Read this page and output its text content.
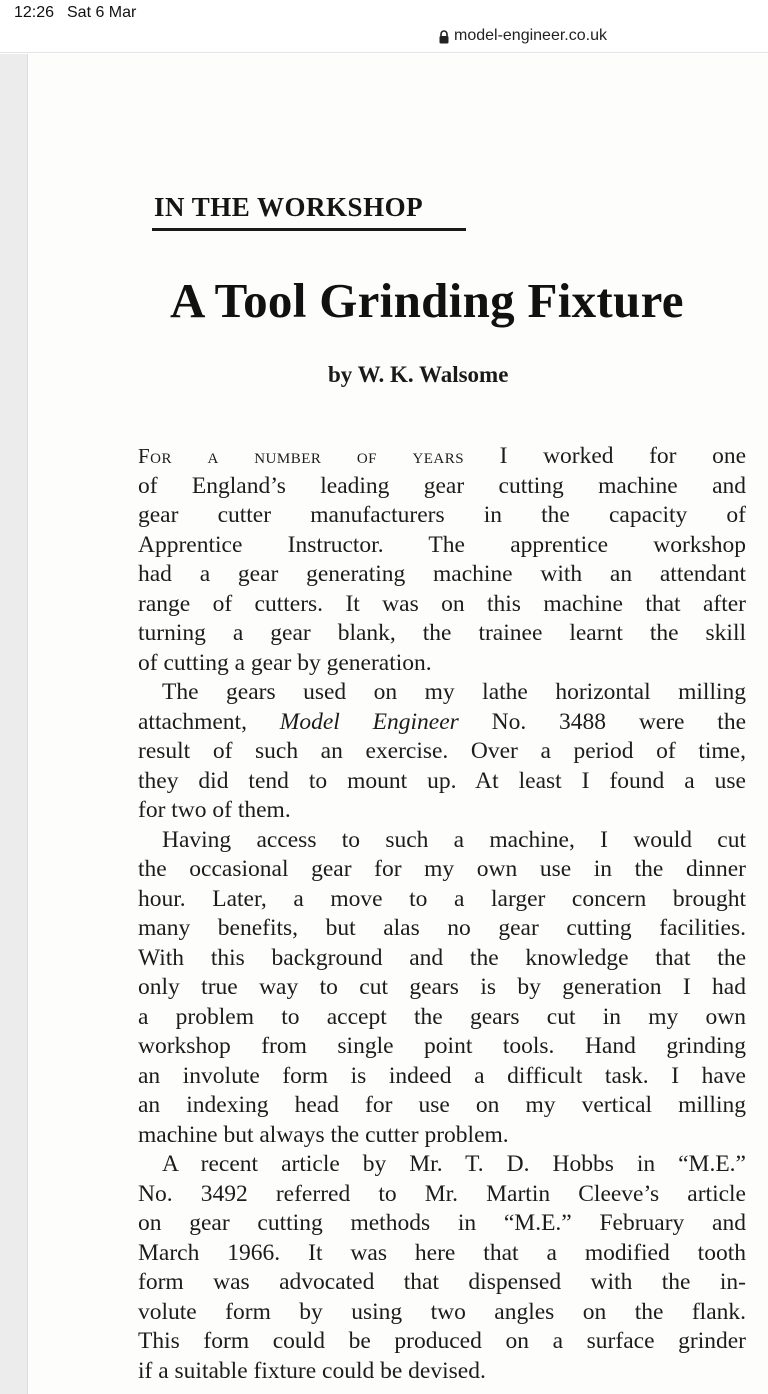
12:26 Sat 6 Mar
model-engineer.co.uk
IN THE WORKSHOP
A Tool Grinding Fixture
by W. K. Walsome
For a number of years I worked for one
of England’s leading gear cutting machine and
gear cutter manufacturers in the capacity of
Apprentice Instructor. The apprentice workshop
had a gear generating machine with an attendant
range of cutters. It was on this machine that after
turning a gear blank, the trainee learnt the skill
of cutting a gear by generation.
The gears used on my lathe horizontal milling
attachment, Model Engineer No. 3488 were the
result of such an exercise. Over a period of time,
they did tend to mount up. At least I found a use
for two of them.
Having access to such a machine, I would cut
the occasional gear for my own use in the dinner
hour. Later, a move to a larger concern brought
many benefits, but alas no gear cutting facilities.
With this background and the knowledge that the
only true way to cut gears is by generation I had
a problem to accept the gears cut in my own
workshop from single point tools. Hand grinding
an involute form is indeed a difficult task. I have
an indexing head for use on my vertical milling
machine but always the cutter problem.
A recent article by Mr. T. D. Hobbs in “M.E.”
No. 3492 referred to Mr. Martin Cleeve’s article
on gear cutting methods in “M.E.” February and
March 1966. It was here that a modified tooth
form was advocated that dispensed with the in-
volute form by using two angles on the flank.
This form could be produced on a surface grinder
if a suitable fixture could be devised.
